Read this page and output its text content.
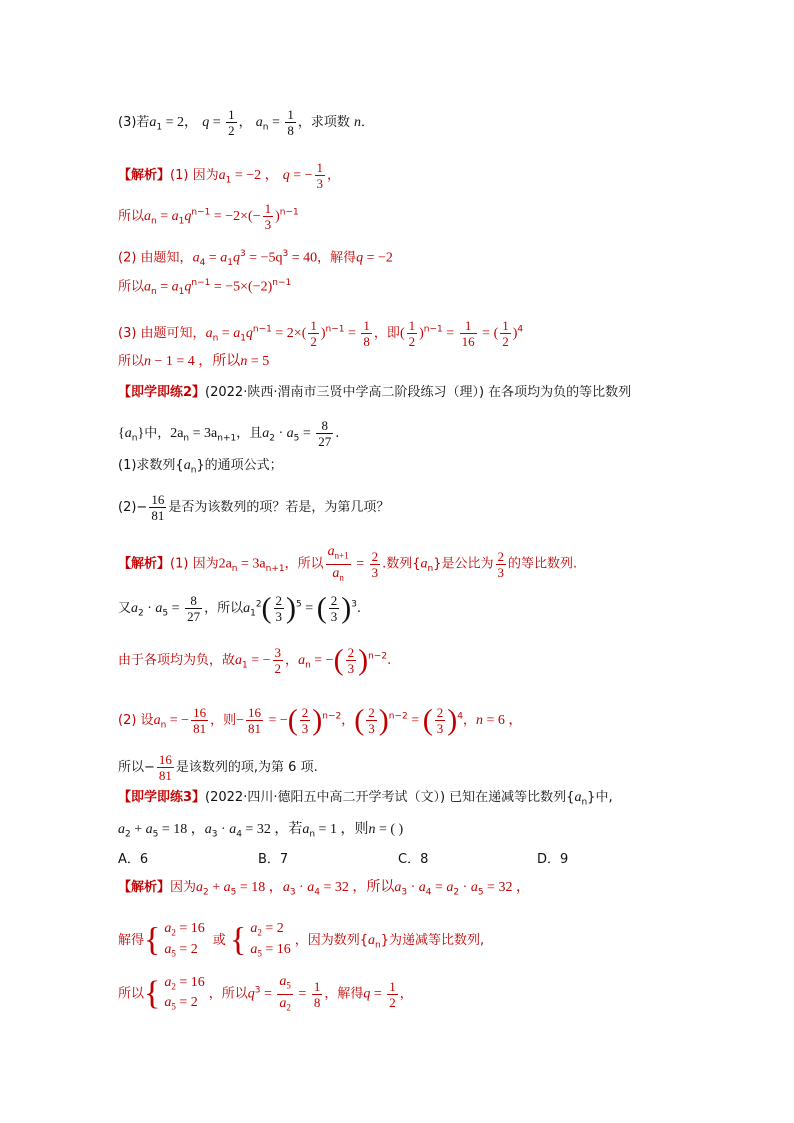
(3)若$a_1 = 2$， $q = \frac{1}{2}$ ， $a_n = \frac{1}{8}$ ，求项数 n．
【解析】(1) 因为$a_1 = -2$ ， q = − $\frac{1}{3}$ ，
所以$a_n = a_1q^{n-1} = -2\times(- \frac{1}{3} )^{n-1}$
(2) 由题知，$a_4 = a_1q^3 = -5q^3 = 40$，解得q = −2
所以$a_n = a_1q^{n-1} = -5\times(-2)^{n-1}$
(3) 由题可知，$a_n = a_1q^{n-1} = 2\times( \frac{1}{2} )^{n-1} = \frac{1}{8}$ ，即( $\frac{1}{2} )^{n-1} = \frac{1}{16}$ = ( $\frac{1}{2} )^4$
所以n − 1 = 4 ，所以n = 5
【即学即练2】(2022·陕西·渭南市三贤中学高二阶段练习（理）) 在各项均为负的等比数列
$\{a_n\}$中，$2a_n = 3a_{n+1}$，且$a_2 \cdot a_5 = \frac{8}{27}$ .
(1)求数列$\{a_n\}$的通项公式；
$(2)- \frac{16}{81}$ 是否为该数列的项？若是，为第几项？
【解析】(1) 因为$2a_n = 3a_{n+1}$，所以 $\frac{a_{n+1}}{a_n} = \frac{2}{3}$ .数列$\{a_n\}$是公比为 $\frac{2}{3}$ 的等比数列.
又$a_2 \cdot a_5 = \frac{8}{27}$ ，所以$a_1^2( \frac{2}{3} )^5$ = ( $\frac{2}{3} )^3$.
由于各项均为负，故$a_1$ = − $\frac{3}{2}$ ，$a_n$ = −( $\frac{2}{3} )^{n-2}$.
(2) 设$a_n$ = − $\frac{16}{81}$ ，则− $\frac{16}{81}$ = −( $\frac{2}{3} )^{n-2}$，( $\frac{2}{3} )^{n-2}$ = ( $\frac{2}{3} )^4$，n = 6 ，
所以− $\frac{16}{81}$ 是该数列的项,为第 6 项.
【即学即练3】(2022·四川·德阳五中高二开学考试（文）) 已知在递减等比数列$\{a_n\}$中,
$a_2 + a_5 = 18$ ，$a_3 \cdot a_4 = 32$ ，若$a_n = 1$ ，则n = ( )
A．6	B．7	C．8	D．9
【解析】因为$a_2 + a_5 = 18$ ，$a_3 \cdot a_4 = 32$ ，所以$a_3 \cdot a_4 = a_2 \cdot a_5 = 32$ ，
解得{ $a_2 = 16$
$a_5 = 2$
或 { $a_2 = 2$
$a_5 = 16$
，因为数列$\{a_n\}$为递减等比数列,
所以{ $a_2 = 16$
$a_5 = 2$
，所以$q^3 = \frac{a_5}{a_2} = \frac{1}{8}$ ，解得$q = \frac{1}{2}$ ，
